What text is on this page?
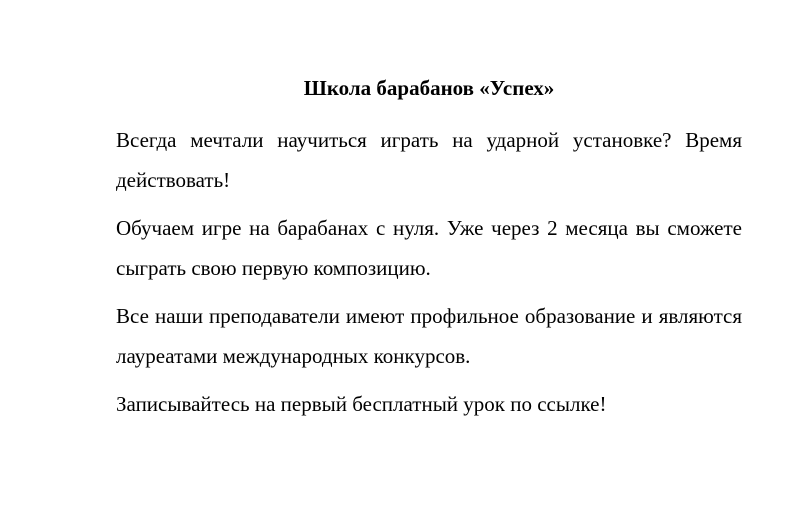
Школа барабанов «Успех»

Всегда мечтали научиться играть на ударной установке? Время действовать!

Обучаем игре на барабанах с нуля. Уже через 2 месяца вы сможете сыграть свою первую композицию.

Все наши преподаватели имеют профильное образование и являются лауреатами международных конкурсов.

Записывайтесь на первый бесплатный урок по ссылке!
